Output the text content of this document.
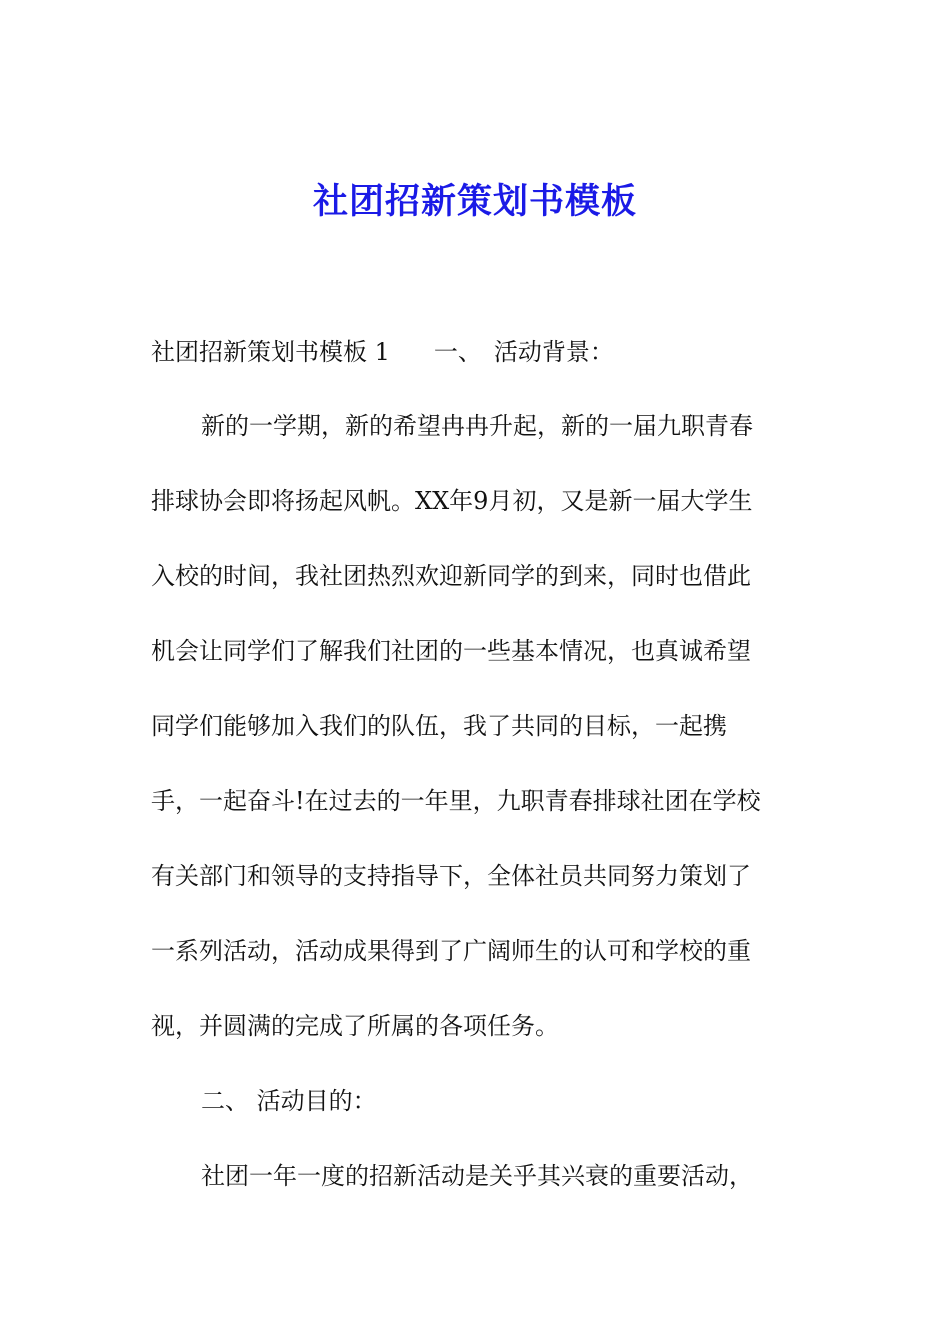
社团招新策划书模板
社团招新策划书模板 1 一、 活动背景：
新的一学期，新的希望冉冉升起，新的一届九职青春
排球协会即将扬起风帆。XX年9月初，又是新一届大学生
入校的时间，我社团热烈欢迎新同学的到来，同时也借此
机会让同学们了解我们社团的一些基本情况，也真诚希望
同学们能够加入我们的队伍，我了共同的目标，一起携
手，一起奋斗!在过去的一年里，九职青春排球社团在学校
有关部门和领导的支持指导下，全体社员共同努力策划了
一系列活动，活动成果得到了广阔师生的认可和学校的重
视，并圆满的完成了所属的各项任务。
二、 活动目的：
社团一年一度的招新活动是关乎其兴衰的重要活动，
